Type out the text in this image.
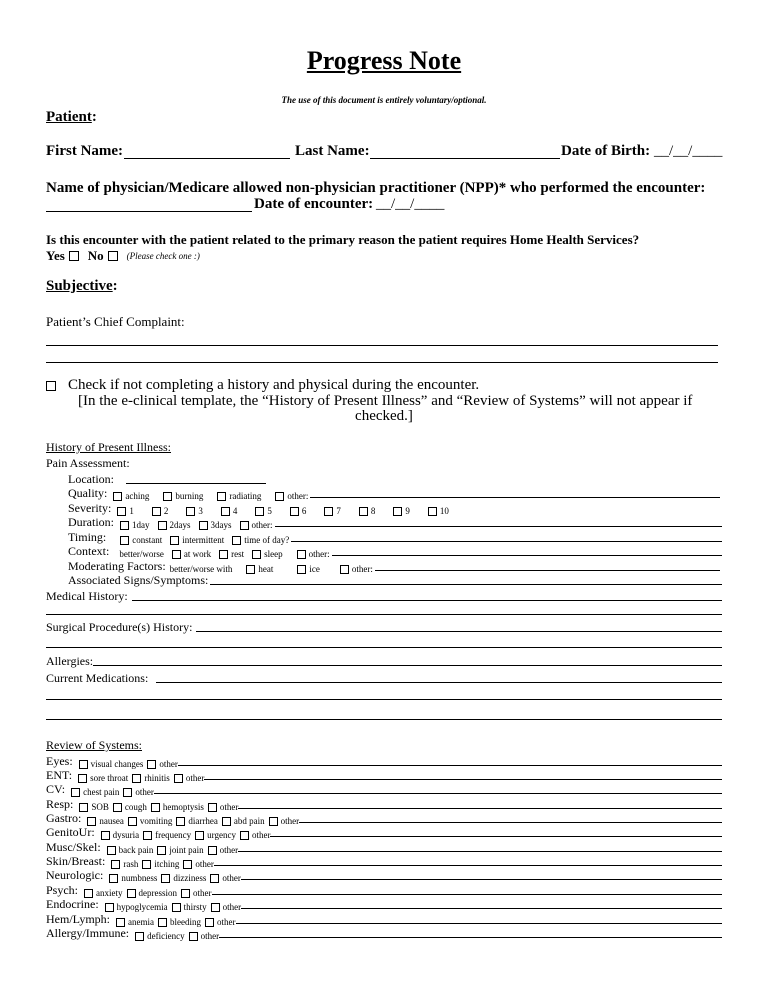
Progress Note
The use of this document is entirely voluntary/optional.
Patient:
First Name:	Last Name:	Date of Birth: __/__/____
Name of physician/Medicare allowed non-physician practitioner (NPP)* who performed the encounter:
Date of encounter: __/__/____
Is this encounter with the patient related to the primary reason the patient requires Home Health Services?
Yes No	(Please check one :)
Subjective:
Patient’s Chief Complaint:
Check if not completing a history and physical during the encounter.
[In the e-clinical template, the “History of Present Illness” and “Review of Systems” will not appear if
checked.]
History of Present Illness:
Pain Assessment:
Location:
Quality: aching	burning	radiating	other:
Severity: 1	2	3	4	5	6	7	8	9	10
Duration: 1day 2days 3days other:
Timing:	constant intermittent time of day?
Context: better/worse at work rest sleep	other:
Moderating Factors: better/worse with	heat	ice	other:
Associated Signs/Symptoms:
Medical History:
Surgical Procedure(s) History:
Allergies:
Current Medications:
Review of Systems:
Eyes: visual changes other
ENT: sore throat rhinitis other
CV: chest pain other
Resp: SOB cough hemoptysis other
Gastro: nausea vomiting diarrhea abd pain other
GenitoUr: dysuria frequency urgency other
Musc/Skel: back pain joint pain other
Skin/Breast: rash itching other
Neurologic: numbness dizziness other
Psych: anxiety depression other
Endocrine: hypoglycemia thirsty other
Hem/Lymph: anemia bleeding other
Allergy/Immune: deficiency other
